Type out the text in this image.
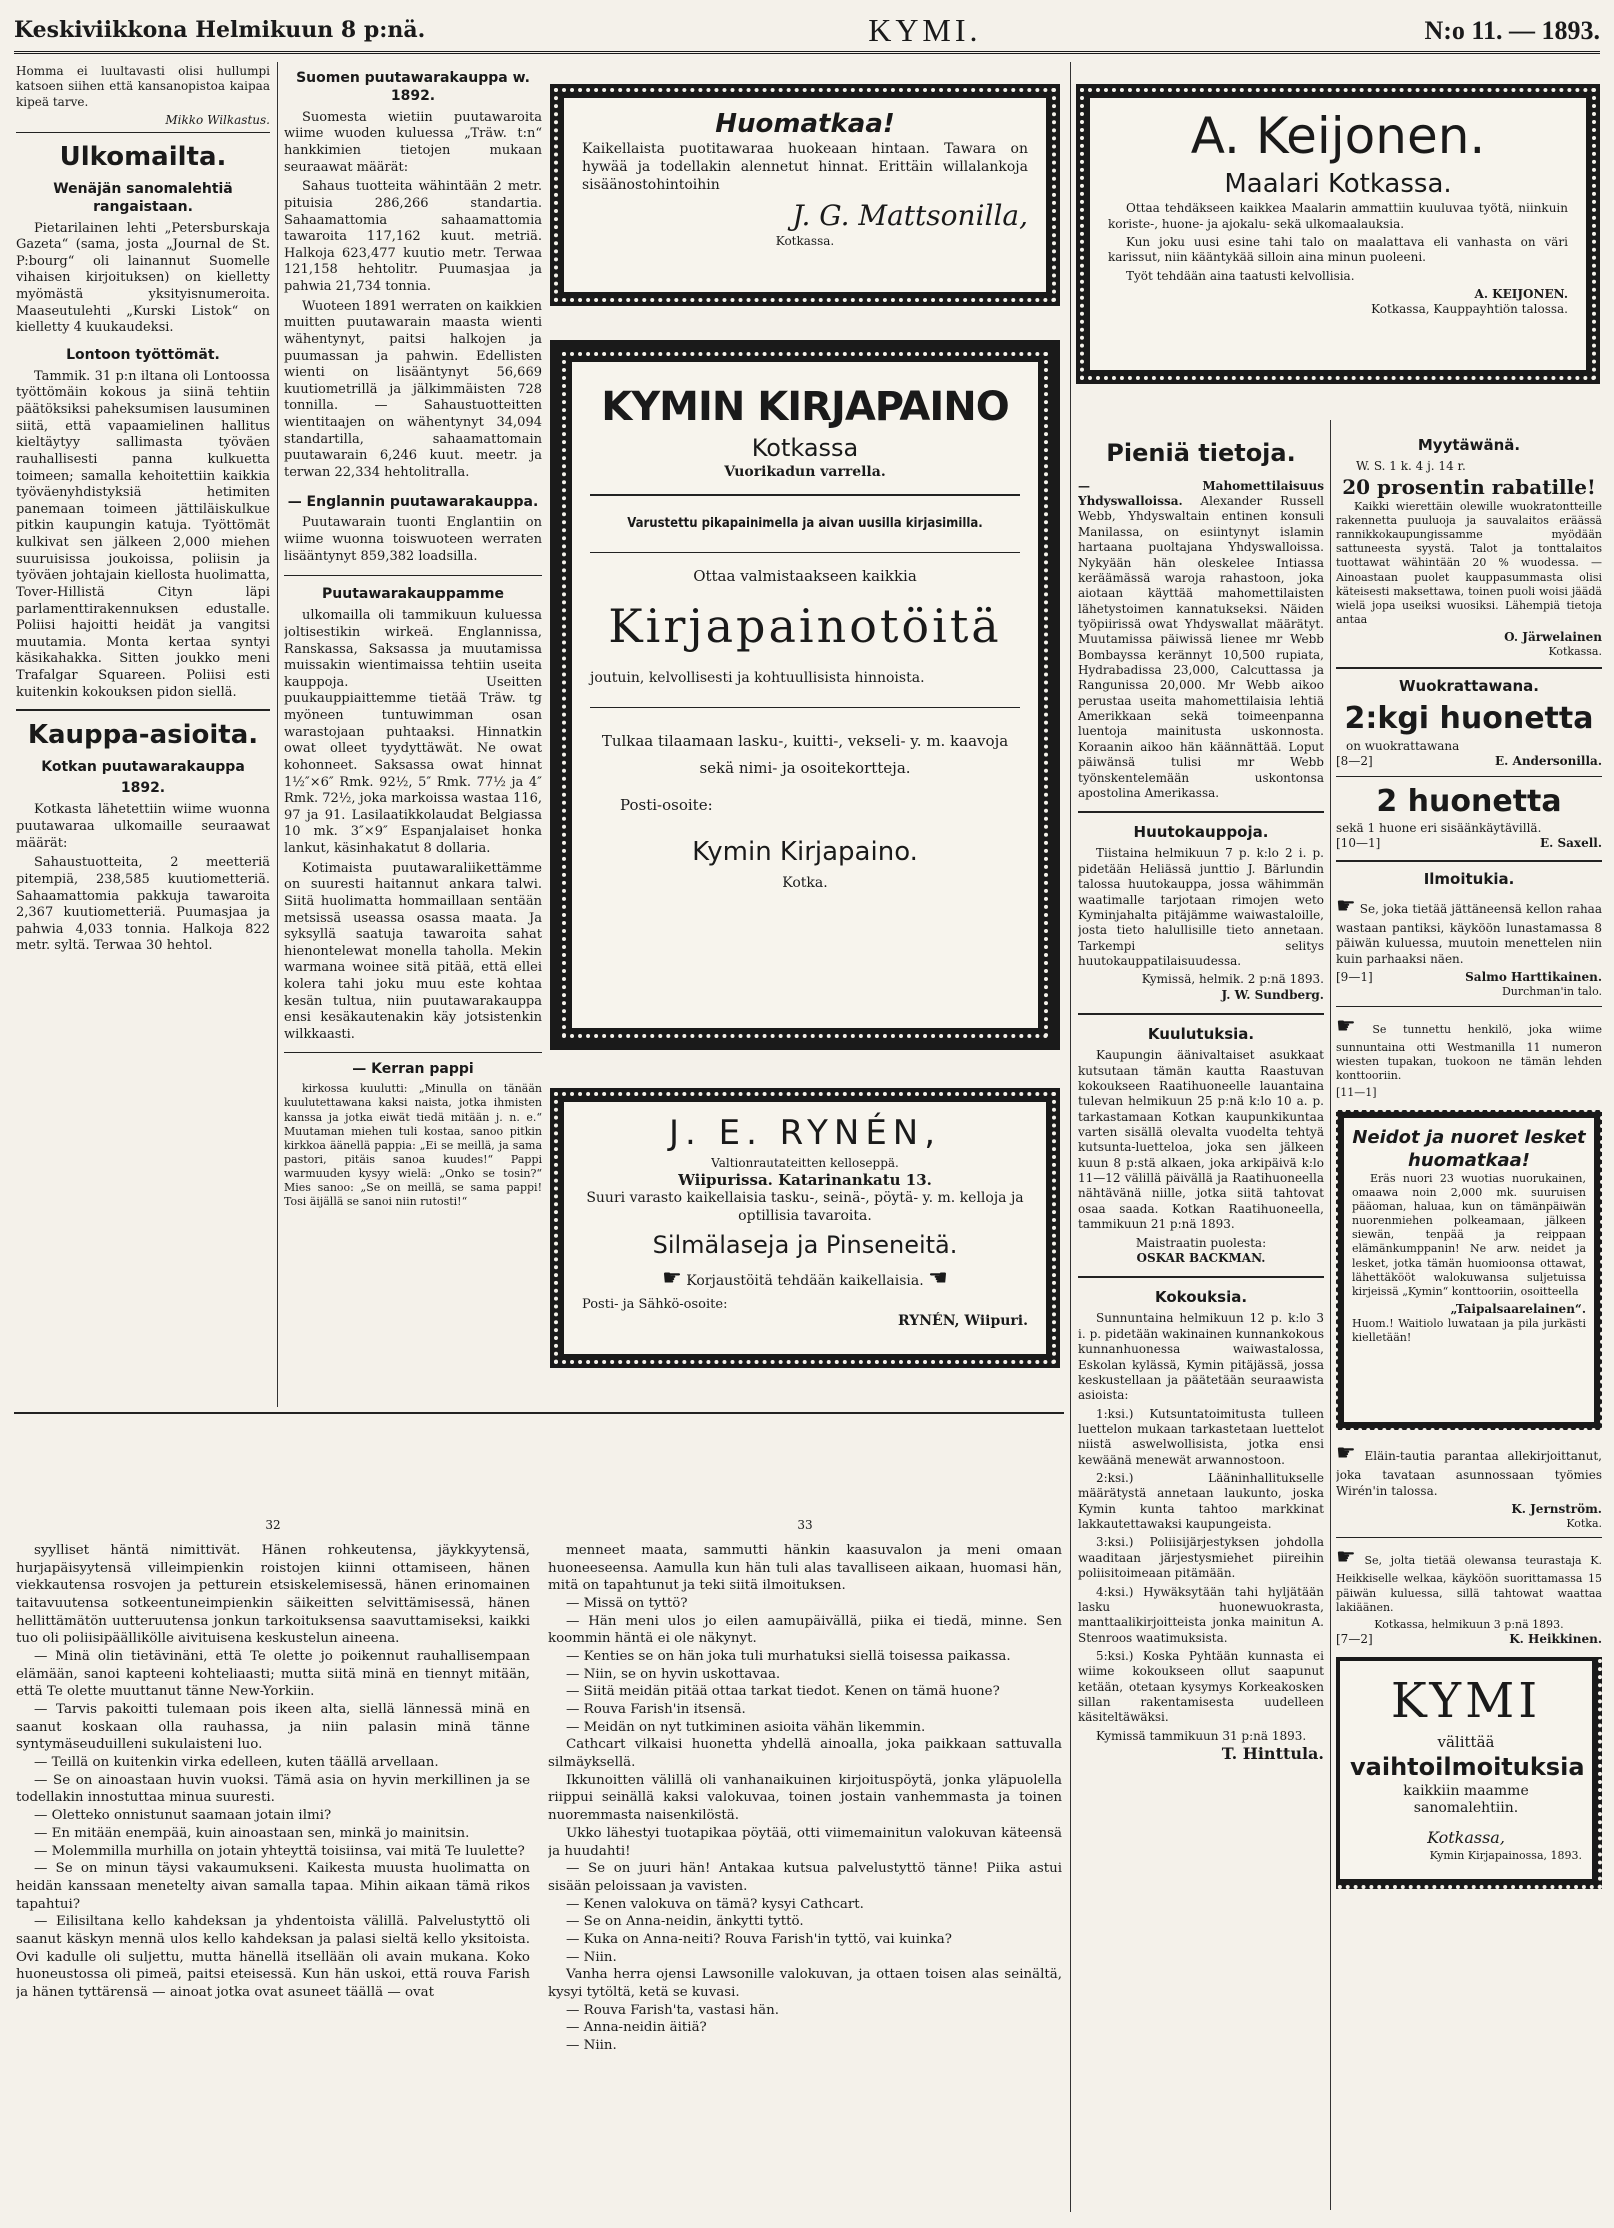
Keskiviikkona Helmikuun 8 p:nä.	KYMI.	N:o 11. — 1893.

Homma ei luultavasti olisi hullumpi katsoen siihen että kansanopistoa kaipaa kipeä tarve.

Mikko Wilkastus.

Ulkomailta.
Wenäjän sanomalehtiä rangaistaan.

Pietarilainen lehti „Petersburskaja Gazeta“ (sama, josta „Journal de St. P:bourg“ oli lainannut Suomelle vihaisen kirjoituksen) on kielletty myömästä yksityisnumeroita. Maaseutulehti „Kurski Listok“ on kielletty 4 kuukaudeksi.

Lontoon työttömät.

Tammik. 31 p:n iltana oli Lontoossa työttömäin kokous ja siinä tehtiin päätöksiksi paheksumisen lausuminen siitä, että vapaamielinen hallitus kieltäytyy sallimasta työväen rauhallisesti panna kulkuetta toimeen; samalla kehoitettiin kaikkia työväenyhdistyksiä hetimiten panemaan toimeen jättiläiskulkue pitkin kaupungin katuja. Työttömät kulkivat sen jälkeen 2,000 miehen suuruisissa joukoissa, poliisin ja työväen johtajain kiellosta huolimatta, Tover-Hillistä Cityn läpi parlamenttirakennuksen edustalle. Poliisi hajoitti heidät ja vangitsi muutamia. Monta kertaa syntyi käsikahakka. Sitten joukko meni Trafalgar Squareen. Poliisi esti kuitenkin kokouksen pidon siellä.

Kauppa-asioita.
Kotkan puutawarakauppa
1892.

Kotkasta lähetettiin wiime wuonna puutawaraa ulkomaille seuraawat määrät:

Sahaustuotteita, 2 meetteriä pitempiä, 238,585 kuutiometteriä. Sahaamattomia pakkuja tawaroita 2,367 kuutiometteriä. Puumasjaa ja pahwia 4,033 tonnia. Halkoja 822 metr. syltä. Terwaa 30 hehtol.

Suomen puutawarakauppa w. 1892.

Suomesta wietiin puutawaroita wiime wuoden kuluessa „Träw. t:n“ hankkimien tietojen mukaan seuraawat määrät:

Sahaus tuotteita wähintään 2 metr. pituisia 286,266 standartia. Sahaamattomia sahaamattomia tawaroita 117,162 kuut. metriä. Halkoja 623,477 kuutio metr. Terwaa 121,158 hehtolitr. Puumasjaa ja pahwia 21,734 tonnia.

Wuoteen 1891 werraten on kaikkien muitten puutawarain maasta wienti wähentynyt, paitsi halkojen ja puumassan ja pahwin. Edellisten wienti on lisääntynyt 56,669 kuutiometrillä ja jälkimmäisten 728 tonnilla. — Sahaustuotteitten wientitaajen on wähentynyt 34,094 standartilla, sahaamattomain puutawarain 6,246 kuut. meetr. ja terwan 22,334 hehtolitralla.

— Englannin puutawarakauppa.

Puutawarain tuonti Englantiin on wiime wuonna toiswuoteen werraten lisääntynyt 859,382 loadsilla.

Puutawarakauppamme

ulkomailla oli tammikuun kuluessa joltisestikin wirkeä. Englannissa, Ranskassa, Saksassa ja muutamissa muissakin wientimaissa tehtiin useita kauppoja. Useitten puukauppiaittemme tietää Träw. tg myöneen tuntuwimman osan warastojaan puhtaaksi. Hinnatkin owat olleet tyydyttäwät. Ne owat kohonneet. Saksassa owat hinnat 1½″×6″ Rmk. 92½, 5″ Rmk. 77½ ja 4″ Rmk. 72½, joka markoissa wastaa 116, 97 ja 91. Lasilaatikkolaudat Belgiassa 10 mk. 3″×9″ Espanjalaiset honka lankut, käsinhakatut 8 dollaria.

Kotimaista puutawaraliikettämme on suuresti haitannut ankara talwi. Siitä huolimatta hommaillaan sentään metsissä useassa osassa maata. Ja syksyllä saatuja tawaroita sahat hienontelewat monella taholla. Mekin warmana woinee sitä pitää, että ellei kolera tahi joku muu este kohtaa kesän tultua, niin puutawarakauppa ensi kesäkautenakin käy jotsistenkin wilkkaasti.

— Kerran pappi

kirkossa kuulutti: „Minulla on tänään kuulutettawana kaksi naista, jotka ihmisten kanssa ja jotka eiwät tiedä mitään j. n. e.“ Muutaman miehen tuli kostaa, sanoo pitkin kirkkoa äänellä pappia: „Ei se meillä, ja sama pastori, pitäis sanoa kuudes!“ Pappi warmuuden kysyy wielä: „Onko se tosin?“ Mies sanoo: „Se on meillä, se sama pappi! Tosi äijällä se sanoi niin rutosti!“

Huomatkaa!

Kaikellaista puotitawaraa huokeaan hintaan. Tawara on hywää ja todellakin alennetut hinnat. Erittäin willalankoja sisäänostohintoihin

J. G. Mattsonilla,
Kotkassa.
KYMIN KIRJAPAINO
Kotkassa
Vuorikadun varrella.
Varustettu pikapainimella ja aivan uusilla kirjasimilla.
Ottaa valmistaakseen kaikkia
Kirjapainotöitä
joutuin, kelvollisesti ja kohtuullisista hinnoista.

Tulkaa tilaamaan lasku-, kuitti-, vekseli- y. m. kaavoja sekä nimi- ja osoitekortteja.

Posti-osoite:
Kymin Kirjapaino.
Kotka.
J. E. RYNÉN,
Valtionrautateitten kelloseppä.
Wiipurissa. Katarinankatu 13.

Suuri varasto kaikellaisia tasku-, seinä-, pöytä- y. m. kelloja ja optillisia tavaroita.

Silmälaseja ja Pinseneitä.
☛ Korjaustöitä tehdään kaikellaisia. ☚
Posti- ja Sähkö-osoite:
RYNÉN, Wiipuri.
A. Keijonen.
Maalari Kotkassa.

Ottaa tehdäkseen kaikkea Maalarin ammattiin kuuluvaa työtä, niinkuin koriste-, huone- ja ajokalu- sekä ulkomaalauksia.

Kun joku uusi esine tahi talo on maalattava eli vanhasta on väri karissut, niin kääntykää silloin aina minun puoleeni.

Työt tehdään aina taatusti kelvollisia.

A. KEIJONEN.
Kotkassa, Kauppayhtiön talossa.
Pieniä tietoja.

— Mahomettilaisuus Yhdyswalloissa. Alexander Russell Webb, Yhdyswaltain entinen konsuli Manilassa, on esiintynyt islamin hartaana puoltajana Yhdyswalloissa. Nykyään hän oleskelee Intiassa keräämässä waroja rahastoon, joka aiotaan käyttää mahomettilaisten lähetystoimen kannatukseksi. Näiden työpiirissä owat Yhdyswallat määrätyt. Muutamissa päiwissä lienee mr Webb Bombayssa kerännyt 10,500 rupiata, Hydrabadissa 23,000, Calcuttassa ja Rangunissa 20,000. Mr Webb aikoo perustaa useita mahomettilaisia lehtiä Amerikkaan sekä toimeenpanna luentoja mainitusta uskonnosta. Koraanin aikoo hän käännättää. Loput päiwänsä tulisi mr Webb työnskentelemään uskontonsa apostolina Amerikassa.

Huutokauppoja.

Tiistaina helmikuun 7 p. k:lo 2 i. p. pidetään Heliässä junttio J. Bärlundin talossa huutokauppa, jossa wähimmän waatimalle tarjotaan rimojen weto Kyminjahalta pitäjämme waiwastaloille, josta tieto halullisille tieto annetaan. Tarkempi selitys huutokauppatilaisuudessa.

Kymissä, helmik. 2 p:nä 1893.
J. W. Sundberg.
Kuulutuksia.

Kaupungin äänivaltaiset asukkaat kutsutaan tämän kautta Raastuvan kokoukseen Raatihuoneelle lauantaina tulevan helmikuun 25 p:nä k:lo 10 a. p. tarkastamaan Kotkan kaupunkikuntaa varten sisällä olevalta vuodelta tehtyä kutsunta-luetteloa, joka sen jälkeen kuun 8 p:stä alkaen, joka arkipäivä k:lo 11—12 välillä päivällä ja Raatihuoneella nähtävänä niille, jotka siitä tahtovat osaa saada. Kotkan Raatihuoneella, tammikuun 21 p:nä 1893.

Maistraatin puolesta:
OSKAR BACKMAN.
Kokouksia.

Sunnuntaina helmikuun 12 p. k:lo 3 i. p. pidetään wakinainen kunnankokous kunnanhuonessa waiwastalossa, Eskolan kylässä, Kymin pitäjässä, jossa keskustellaan ja päätetään seuraawista asioista:

1:ksi.) Kutsuntatoimitusta tulleen luettelon mukaan tarkastetaan luettelot niistä aswelwollisista, jotka ensi kewäänä menewät arwannostoon.

2:ksi.) Lääninhallitukselle määrätystä annetaan laukunto, joska Kymin kunta tahtoo markkinat lakkautettawaksi kaupungeista.

3:ksi.) Poliisijärjestyksen johdolla waaditaan järjestysmiehet piireihin poliisitoimeaan pitämään.

4:ksi.) Hywäksytään tahi hyljätään lasku huonewuokrasta, manttaalikirjoitteista jonka mainitun A. Stenroos waatimuksista.

5:ksi.) Koska Pyhtään kunnasta ei wiime kokoukseen ollut saapunut ketään, otetaan kysymys Korkeakosken sillan rakentamisesta uudelleen käsiteltäwäksi.

Kymissä tammikuun 31 p:nä 1893.
T. Hinttula.
Myytäwänä.
W. S. 1 k. 4 j. 14 r.
20 prosentin rabatille!

Kaikki wierettäin olewille wuokratontteille rakennetta puuluoja ja sauvalaitos eräässä rannikkokaupungissamme myödään sattuneesta syystä. Talot ja tonttalaitos tuottawat wähintään 20 % wuodessa. — Ainoastaan puolet kauppasummasta olisi käteisesti maksettawa, toinen puoli woisi jäädä wielä jopa useiksi wuosiksi. Lähempiä tietoja antaa

O. Järwelainen
Kotkassa.
Wuokrattawana.
2:kgi huonetta
on wuokrattawana
[8—2]	E. Andersonilla.
2 huonetta
sekä 1 huone eri sisäänkäytävillä.
[10—1]	E. Saxell.
Ilmoitukia.

☛ Se, joka tietää jättäneensä kellon rahaa wastaan pantiksi, käyköön lunastamassa 8 päiwän kuluessa, muutoin menettelen niin kuin parhaaksi näen.

[9—1]	Salmo Harttikainen.
Durchman'in talo.

☛ Se tunnettu henkilö, joka wiime sunnuntaina otti Westmanilla 11 numeron wiesten tupakan, tuokoon ne tämän lehden konttooriin.

[11—1]
Neidot ja nuoret lesket huomatkaa!

Eräs nuori 23 wuotias nuorukainen, omaawa noin 2,000 mk. suuruisen pääoman, haluaa, kun on tämänpäiwän nuorenmiehen polkeamaan, jälkeen siewän, tenpää ja reippaan elämänkumppanin! Ne arw. neidet ja lesket, jotka tämän huomioonsa ottawat, lähettäkööt walokuwansa suljetuissa kirjeissä „Kymin“ konttooriin, osoitteella

„Taipalsaarelainen“.

Huom.! Waitiolo luwataan ja pila jurkästi kielletään!

☛ Eläin-tautia parantaa allekirjoittanut, joka tavataan asunnossaan työmies Wirén'in talossa.

K. Jernström.
Kotka.

☛ Se, jolta tietää olewansa teurastaja K. Heikkiselle welkaa, käyköön suorittamassa 15 päiwän kuluessa, sillä tahtowat waattaa lakiäänen.

Kotkassa, helmikuun 3 p:nä 1893.
[7—2]	K. Heikkinen.
KYMI
välittää
vaihtoilmoituksia
kaikkiin maamme sanomalehtiin.
Kotkassa,
Kymin Kirjapainossa, 1893.
32

syylliset häntä nimittivät. Hänen rohkeutensa, jäykkyytensä, hurjapäisyytensä villeimpienkin roistojen kiinni ottamiseen, hänen viekkautensa rosvojen ja petturein etsiskelemisessä, hänen erinomainen taitavuutensa sotkeentuneimpienkin säikeitten selvittämisessä, hänen hellittämätön uutteruutensa jonkun tarkoituksensa saavuttamiseksi, kaikki tuo oli poliisipäällikölle aivituisena keskustelun aineena.

— Minä olin tietävinäni, että Te olette jo poikennut rauhallisempaan elämään, sanoi kapteeni kohteliaasti; mutta siitä minä en tiennyt mitään, että Te olette muuttanut tänne New-Yorkiin.

— Tarvis pakoitti tulemaan pois ikeen alta, siellä lännessä minä en saanut koskaan olla rauhassa, ja niin palasin minä tänne syntymäseuduilleni sukulaisteni luo.

— Teillä on kuitenkin virka edelleen, kuten täällä arvellaan.

— Se on ainoastaan huvin vuoksi. Tämä asia on hyvin merkillinen ja se todellakin innostuttaa minua suuresti.

— Oletteko onnistunut saamaan jotain ilmi?

— En mitään enempää, kuin ainoastaan sen, minkä jo mainitsin.

— Molemmilla murhilla on jotain yhteyttä toisiinsa, vai mitä Te luulette?

— Se on minun täysi vakaumukseni. Kaikesta muusta huolimatta on heidän kanssaan menetelty aivan samalla tapaa. Mihin aikaan tämä rikos tapahtui?

— Eilisiltana kello kahdeksan ja yhdentoista välillä. Palvelustyttö oli saanut käskyn mennä ulos kello kahdeksan ja palasi sieltä kello yksitoista. Ovi kadulle oli suljettu, mutta hänellä itsellään oli avain mukana. Koko huoneustossa oli pimeä, paitsi eteisessä. Kun hän uskoi, että rouva Farish ja hänen tyttärensä — ainoat jotka ovat asuneet täällä — ovat

33

menneet maata, sammutti hänkin kaasuvalon ja meni omaan huoneeseensa. Aamulla kun hän tuli alas tavalliseen aikaan, huomasi hän, mitä on tapahtunut ja teki siitä ilmoituksen.

— Missä on tyttö?

— Hän meni ulos jo eilen aamupäivällä, piika ei tiedä, minne. Sen koommin häntä ei ole näkynyt.

— Kenties se on hän joka tuli murhatuksi siellä toisessa paikassa.

— Niin, se on hyvin uskottavaa.

— Siitä meidän pitää ottaa tarkat tiedot. Kenen on tämä huone?

— Rouva Farish'in itsensä.

— Meidän on nyt tutkiminen asioita vähän likemmin.

Cathcart vilkaisi huonetta yhdellä ainoalla, joka paikkaan sattuvalla silmäyksellä.

Ikkunoitten välillä oli vanhanaikuinen kirjoituspöytä, jonka yläpuolella riippui seinällä kaksi valokuvaa, toinen jostain vanhemmasta ja toinen nuoremmasta naisenkilöstä.

Ukko lähestyi tuotapikaa pöytää, otti viimemainitun valokuvan käteensä ja huudahti!

— Se on juuri hän! Antakaa kutsua palvelustyttö tänne! Piika astui sisään peloissaan ja vavisten.

— Kenen valokuva on tämä? kysyi Cathcart.

— Se on Anna-neidin, änkytti tyttö.

— Kuka on Anna-neiti? Rouva Farish'in tyttö, vai kuinka?

— Niin.

Vanha herra ojensi Lawsonille valokuvan, ja ottaen toisen alas seinältä, kysyi tytöltä, ketä se kuvasi.

— Rouva Farish'ta, vastasi hän.

— Anna-neidin äitiä?

— Niin.
